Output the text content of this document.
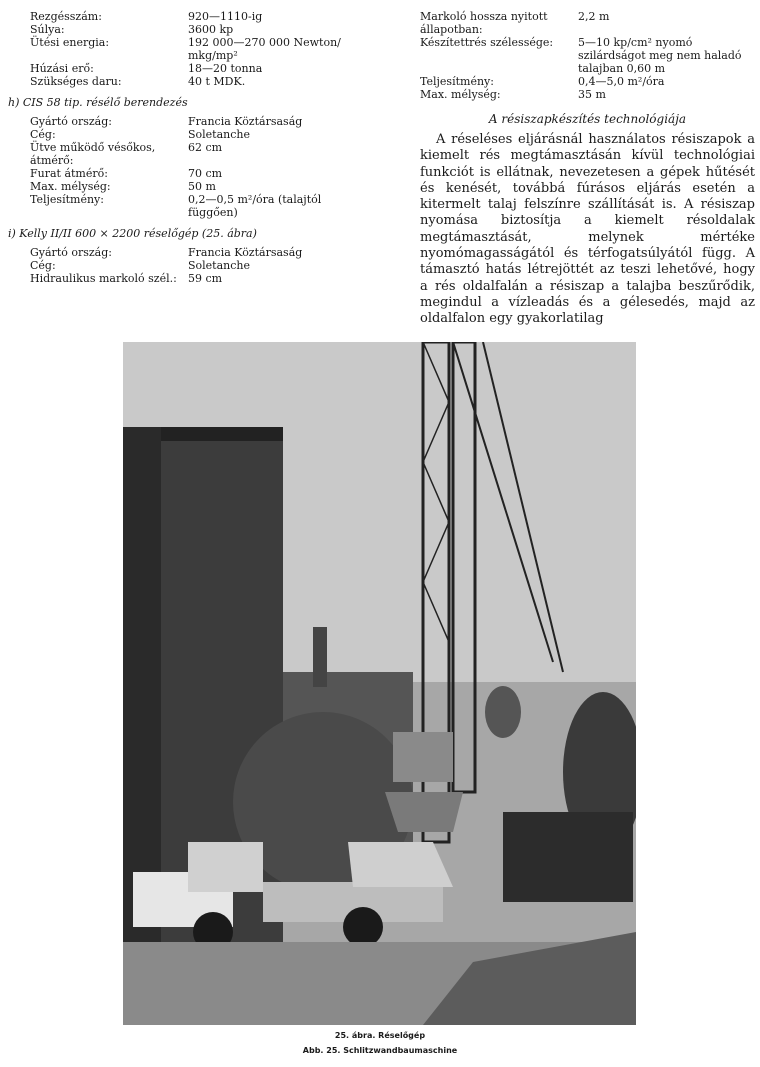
Rezgésszám:	920—1110-ig
Súlya:	3600 kp
Ütési energia:	192 000—270 000 Newton/ mkg/mp²
Húzási erő:	18—20 tonna
Szükséges daru:	40 t MDK.
h) CIS 58 tip. résélő berendezés
Gyártó ország:	Francia Köztársaság
Cég:	Soletanche
Ütve működő vésőkos, átmérő:
62 cm
Furat átmérő:	70 cm
Max. mélység:	50 m
Teljesítmény:	0,2—0,5 m²/óra (talajtól függően)
i) Kelly II/II 600 × 2200 réselőgép (25. ábra)
Gyártó ország:	Francia Köztársaság
Cég:	Soletanche
Hidraulikus markoló szél.:	59 cm
Markoló hossza nyitott állapotban:
2,2 m
Készítettrés szélessége:	5—10 kp/cm² nyomó szilárdságot meg nem haladó talajban 0,60 m
Teljesítmény:	0,4—5,0 m²/óra
Max. mélység:	35 m
A résiszapkészítés technológiája
A réseléses eljárásnál használatos résiszapok a kiemelt rés megtámasztásán kívül technológiai funkciót is ellátnak, nevezetesen a gépek hűtését és kenését, továbbá fúrásos eljárás esetén a kitermelt talaj felszínre szállítását is. A résiszap nyomása biztosítja a kiemelt résoldalak megtámasztását, melynek mértéke nyomómagasságától és térfogatsúlyától függ. A támasztó hatás létrejöttét az teszi lehetővé, hogy a rés oldalfalán a résiszap a talajba beszűrődik, megindul a vízleadás és a gélesedés, majd az oldalfalon egy gyakorlatilag
25. ábra. Réselőgép
Abb. 25. Schlitzwandbaumaschine
